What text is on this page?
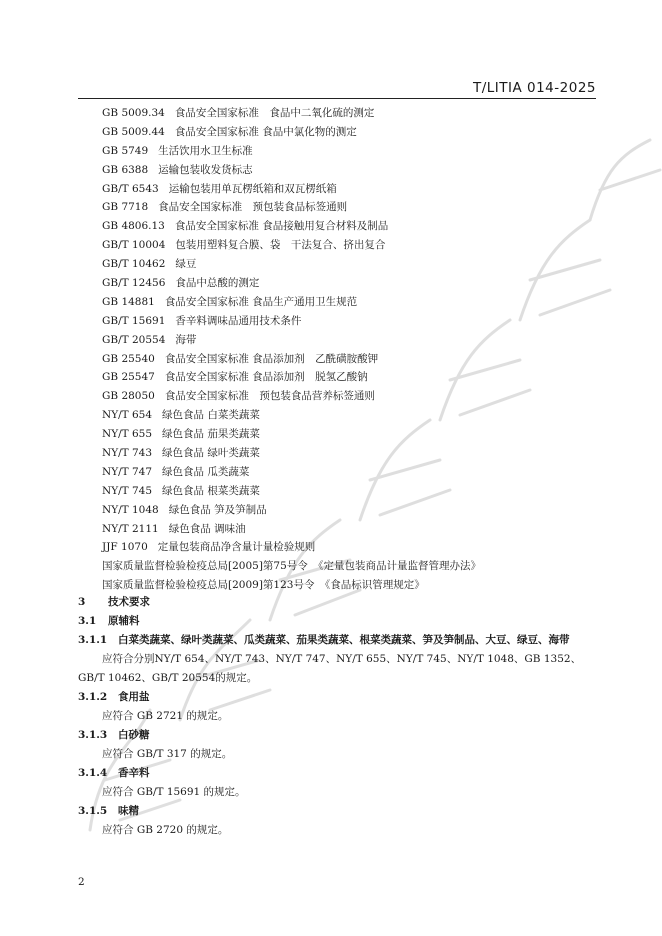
T/LITIA 014-2025
GB 5009.34 食品安全国家标准　食品中二氧化硫的测定
GB 5009.44 食品安全国家标准 食品中氯化物的测定
GB 5749 生活饮用水卫生标准
GB 6388 运输包装收发货标志
GB/T 6543 运输包装用单瓦楞纸箱和双瓦楞纸箱
GB 7718 食品安全国家标准　预包装食品标签通则
GB 4806.13 食品安全国家标准 食品接触用复合材料及制品
GB/T 10004 包装用塑料复合膜、袋　干法复合、挤出复合
GB/T 10462 绿豆
GB/T 12456 食品中总酸的测定
GB 14881 食品安全国家标准 食品生产通用卫生规范
GB/T 15691 香辛料调味品通用技术条件
GB/T 20554 海带
GB 25540 食品安全国家标准 食品添加剂　乙酰磺胺酸钾
GB 25547 食品安全国家标准 食品添加剂　脱氢乙酸钠
GB 28050 食品安全国家标准　预包装食品营养标签通则
NY/T 654 绿色食品 白菜类蔬菜
NY/T 655 绿色食品 茄果类蔬菜
NY/T 743 绿色食品 绿叶类蔬菜
NY/T 747 绿色食品 瓜类蔬菜
NY/T 745 绿色食品 根菜类蔬菜
NY/T 1048 绿色食品 笋及笋制品
NY/T 2111 绿色食品 调味油
JJF 1070 定量包装商品净含量计量检验规则
国家质量监督检验检疫总局[2005]第75号令　《定量包装商品计量监督管理办法》
国家质量监督检验检疫总局[2009]第123号令　《食品标识管理规定》
3 技术要求
3.1 原辅料
3.1.1 白菜类蔬菜、绿叶类蔬菜、瓜类蔬菜、茄果类蔬菜、根菜类蔬菜、笋及笋制品、大豆、绿豆、海带
应符合分别NY/T 654、NY/T 743、NY/T 747、NY/T 655、NY/T 745、NY/T 1048、GB 1352、GB/T 10462、GB/T 20554的规定。
3.1.2 食用盐
应符合 GB 2721 的规定。
3.1.3 白砂糖
应符合 GB/T 317 的规定。
3.1.4 香辛料
应符合 GB/T 15691 的规定。
3.1.5 味精
应符合 GB 2720 的规定。
2
